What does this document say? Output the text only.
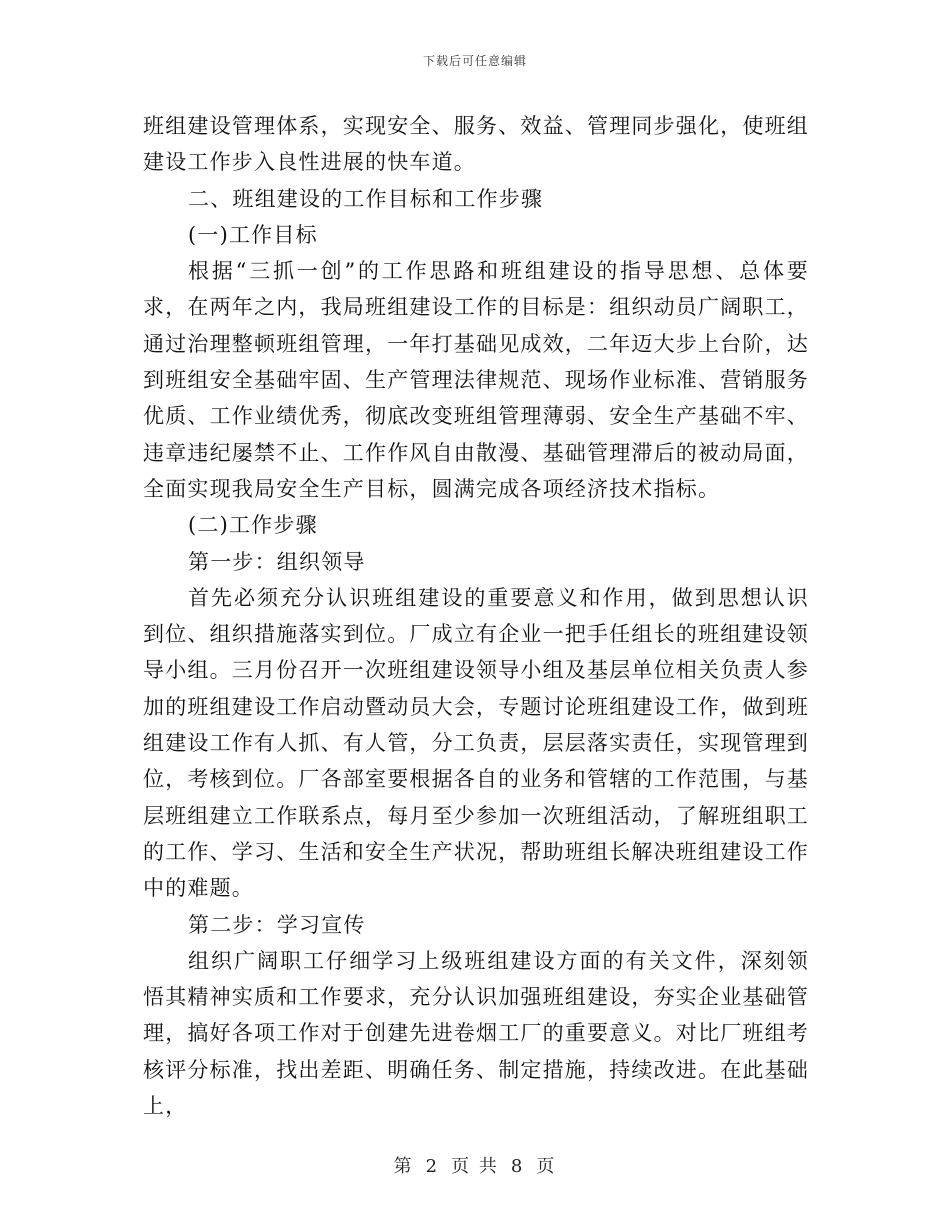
下载后可任意编辑

班组建设管理体系，实现安全、服务、效益、管理同步强化，使班组建设工作步入良性进展的快车道。

二、班组建设的工作目标和工作步骤

(一)工作目标

根据“三抓一创”的工作思路和班组建设的指导思想、总体要求，在两年之内，我局班组建设工作的目标是：组织动员广阔职工，通过治理整顿班组管理，一年打基础见成效，二年迈大步上台阶，达到班组安全基础牢固、生产管理法律规范、现场作业标准、营销服务优质、工作业绩优秀，彻底改变班组管理薄弱、安全生产基础不牢、违章违纪屡禁不止、工作作风自由散漫、基础管理滞后的被动局面，全面实现我局安全生产目标，圆满完成各项经济技术指标。

(二)工作步骤

第一步：组织领导

首先必须充分认识班组建设的重要意义和作用，做到思想认识到位、组织措施落实到位。厂成立有企业一把手任组长的班组建设领导小组。三月份召开一次班组建设领导小组及基层单位相关负责人参加的班组建设工作启动暨动员大会，专题讨论班组建设工作，做到班组建设工作有人抓、有人管，分工负责，层层落实责任，实现管理到位，考核到位。厂各部室要根据各自的业务和管辖的工作范围，与基层班组建立工作联系点，每月至少参加一次班组活动，了解班组职工的工作、学习、生活和安全生产状况，帮助班组长解决班组建设工作中的难题。

第二步：学习宣传

组织广阔职工仔细学习上级班组建设方面的有关文件，深刻领悟其精神实质和工作要求，充分认识加强班组建设，夯实企业基础管理，搞好各项工作对于创建先进卷烟工厂的重要意义。对比厂班组考核评分标准，找出差距、明确任务、制定措施，持续改进。在此基础上，

第 2 页 共 8 页
